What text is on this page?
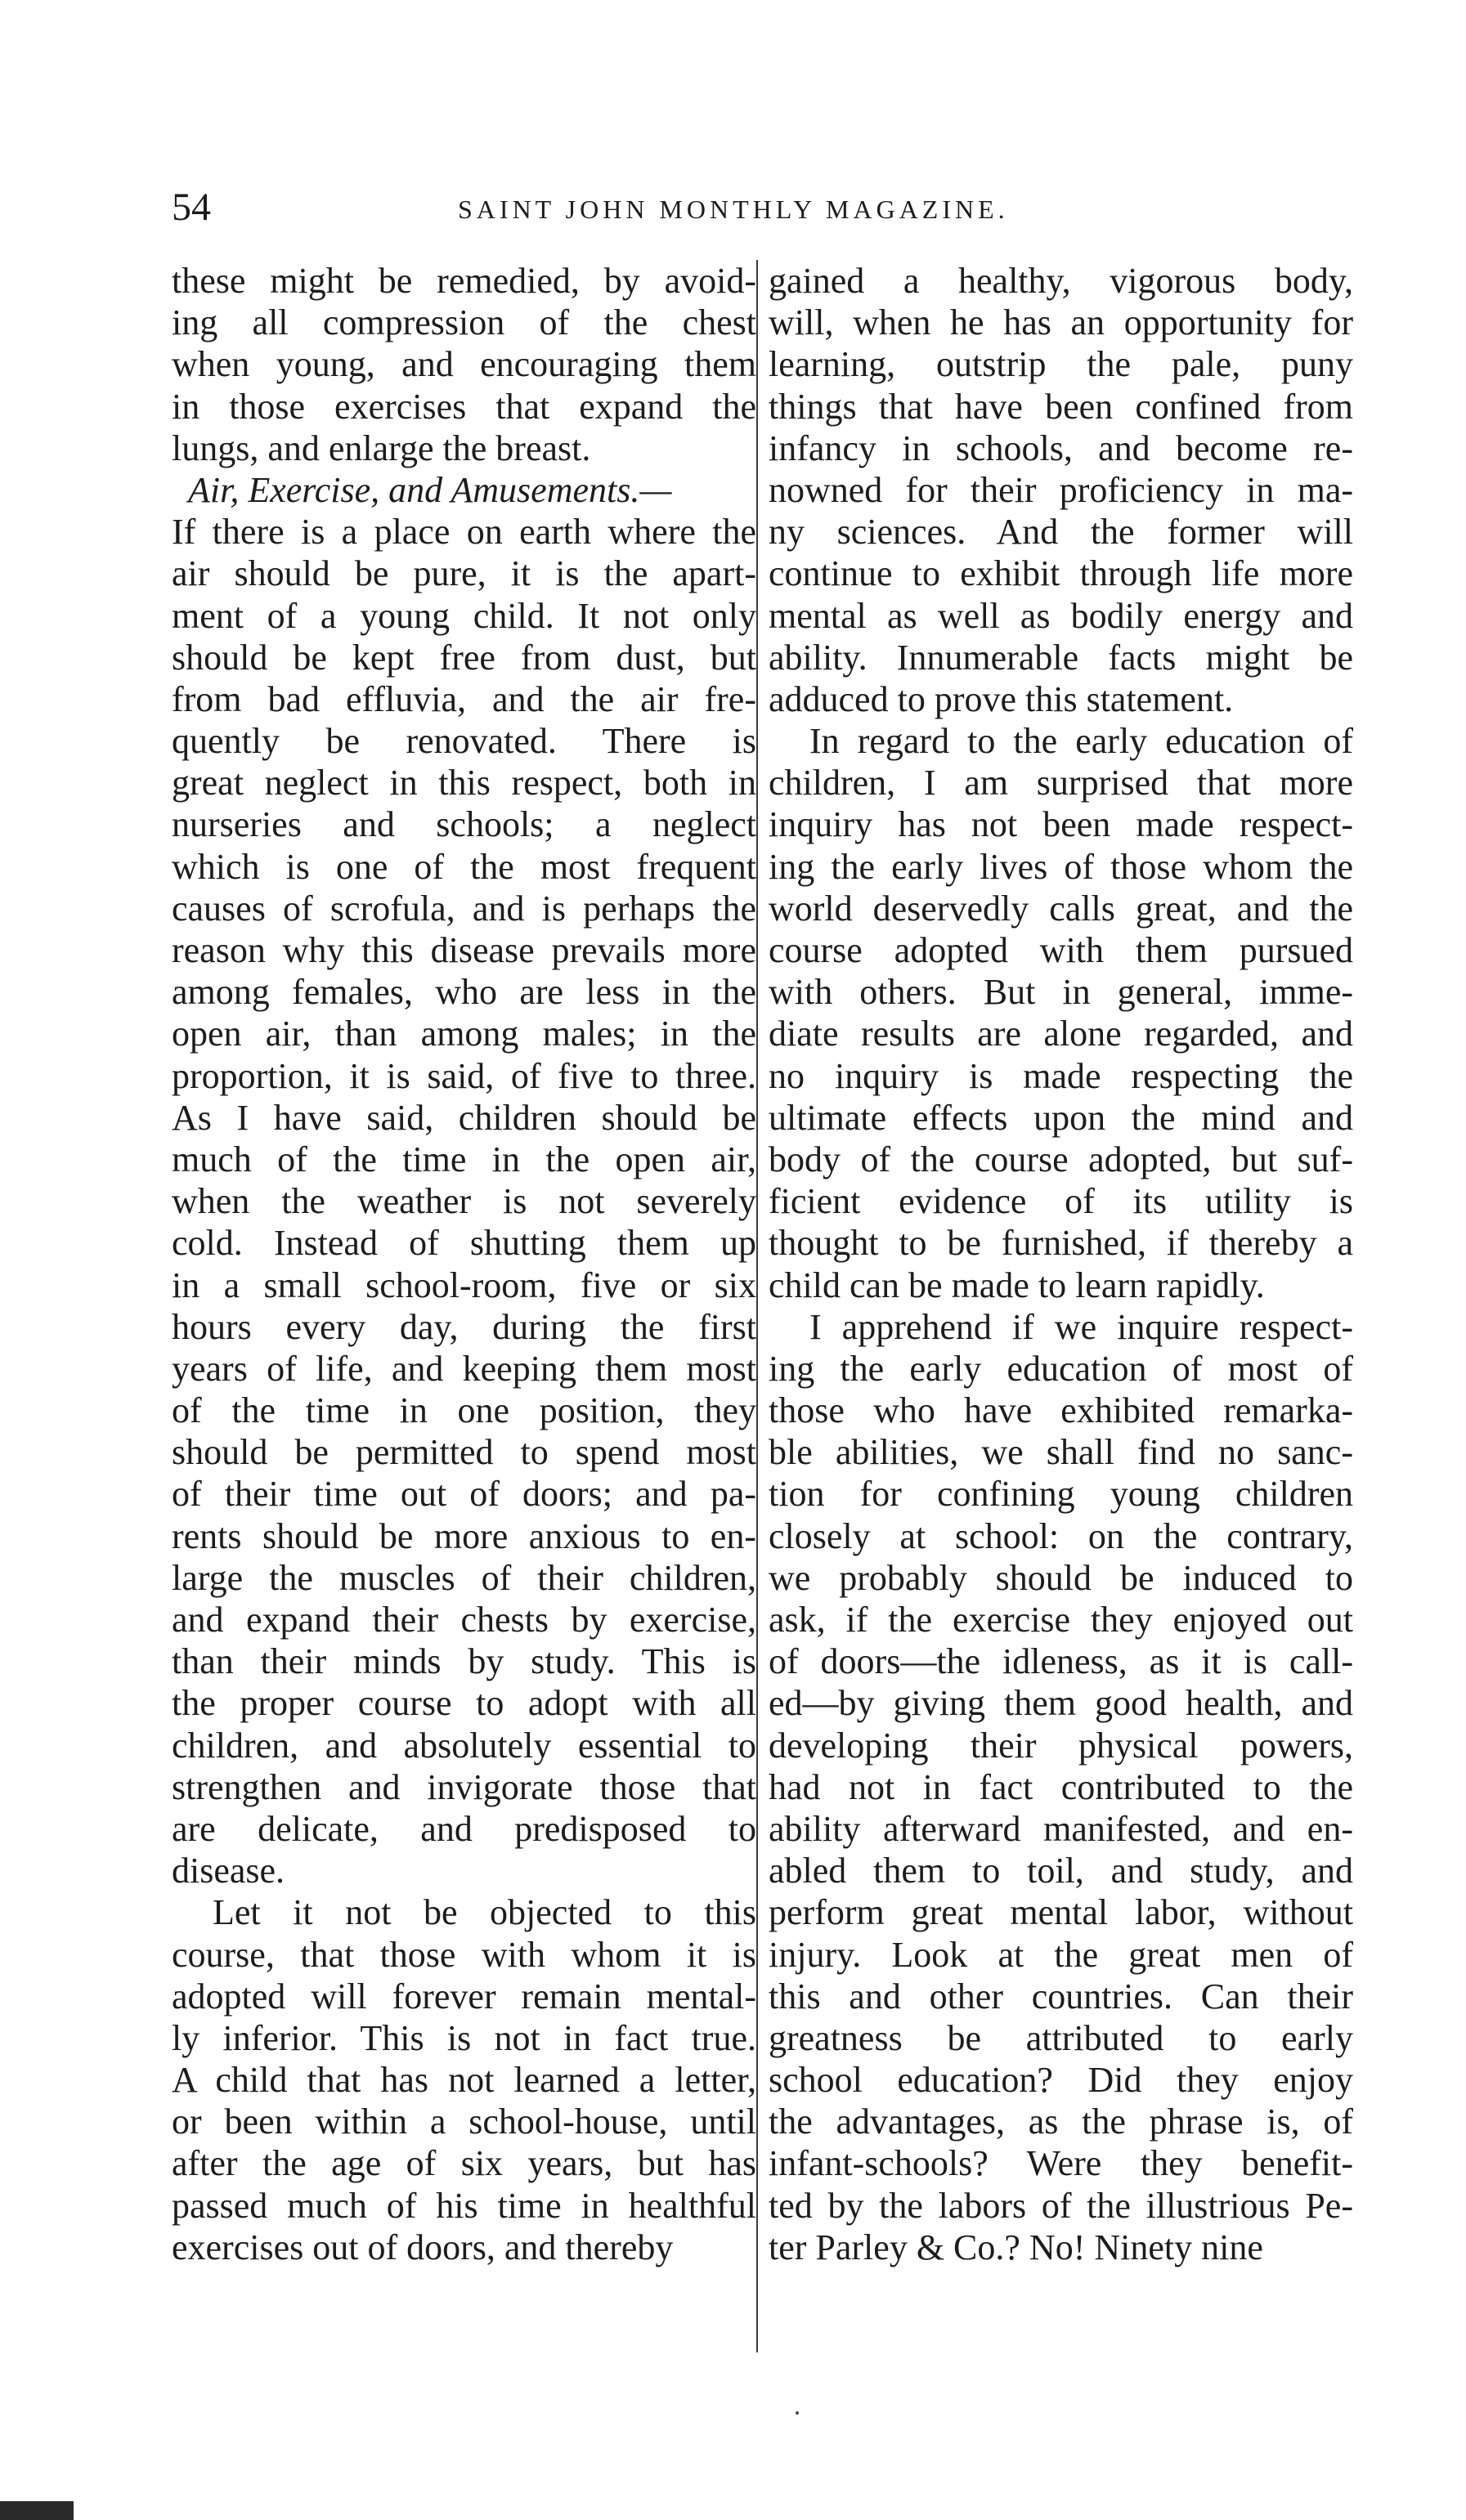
54	SAINT JOHN MONTHLY MAGAZINE.
these might be remedied, by avoid-
ing all compression of the chest
when young, and encouraging them
in those exercises that expand the
lungs, and enlarge the breast.
Air, Exercise, and Amusements.—
If there is a place on earth where the
air should be pure, it is the apart-
ment of a young child. It not only
should be kept free from dust, but
from bad effluvia, and the air fre-
quently be renovated. There is
great neglect in this respect, both in
nurseries and schools; a neglect
which is one of the most frequent
causes of scrofula, and is perhaps the
reason why this disease prevails more
among females, who are less in the
open air, than among males; in the
proportion, it is said, of five to three.
As I have said, children should be
much of the time in the open air,
when the weather is not severely
cold. Instead of shutting them up
in a small school-room, five or six
hours every day, during the first
years of life, and keeping them most
of the time in one position, they
should be permitted to spend most
of their time out of doors; and pa-
rents should be more anxious to en-
large the muscles of their children,
and expand their chests by exercise,
than their minds by study. This is
the proper course to adopt with all
children, and absolutely essential to
strengthen and invigorate those that
are delicate, and predisposed to
disease.
Let it not be objected to this
course, that those with whom it is
adopted will forever remain mental-
ly inferior. This is not in fact true.
A child that has not learned a letter,
or been within a school-house, until
after the age of six years, but has
passed much of his time in healthful
exercises out of doors, and thereby
gained a healthy, vigorous body,
will, when he has an opportunity for
learning, outstrip the pale, puny
things that have been confined from
infancy in schools, and become re-
nowned for their proficiency in ma-
ny sciences. And the former will
continue to exhibit through life more
mental as well as bodily energy and
ability. Innumerable facts might be
adduced to prove this statement.
In regard to the early education of
children, I am surprised that more
inquiry has not been made respect-
ing the early lives of those whom the
world deservedly calls great, and the
course adopted with them pursued
with others. But in general, imme-
diate results are alone regarded, and
no inquiry is made respecting the
ultimate effects upon the mind and
body of the course adopted, but suf-
ficient evidence of its utility is
thought to be furnished, if thereby a
child can be made to learn rapidly.
I apprehend if we inquire respect-
ing the early education of most of
those who have exhibited remarka-
ble abilities, we shall find no sanc-
tion for confining young children
closely at school: on the contrary,
we probably should be induced to
ask, if the exercise they enjoyed out
of doors—the idleness, as it is call-
ed—by giving them good health, and
developing their physical powers,
had not in fact contributed to the
ability afterward manifested, and en-
abled them to toil, and study, and
perform great mental labor, without
injury. Look at the great men of
this and other countries. Can their
greatness be attributed to early
school education? Did they enjoy
the advantages, as the phrase is, of
infant-schools? Were they benefit-
ted by the labors of the illustrious Pe-
ter Parley & Co.? No! Ninety nine
